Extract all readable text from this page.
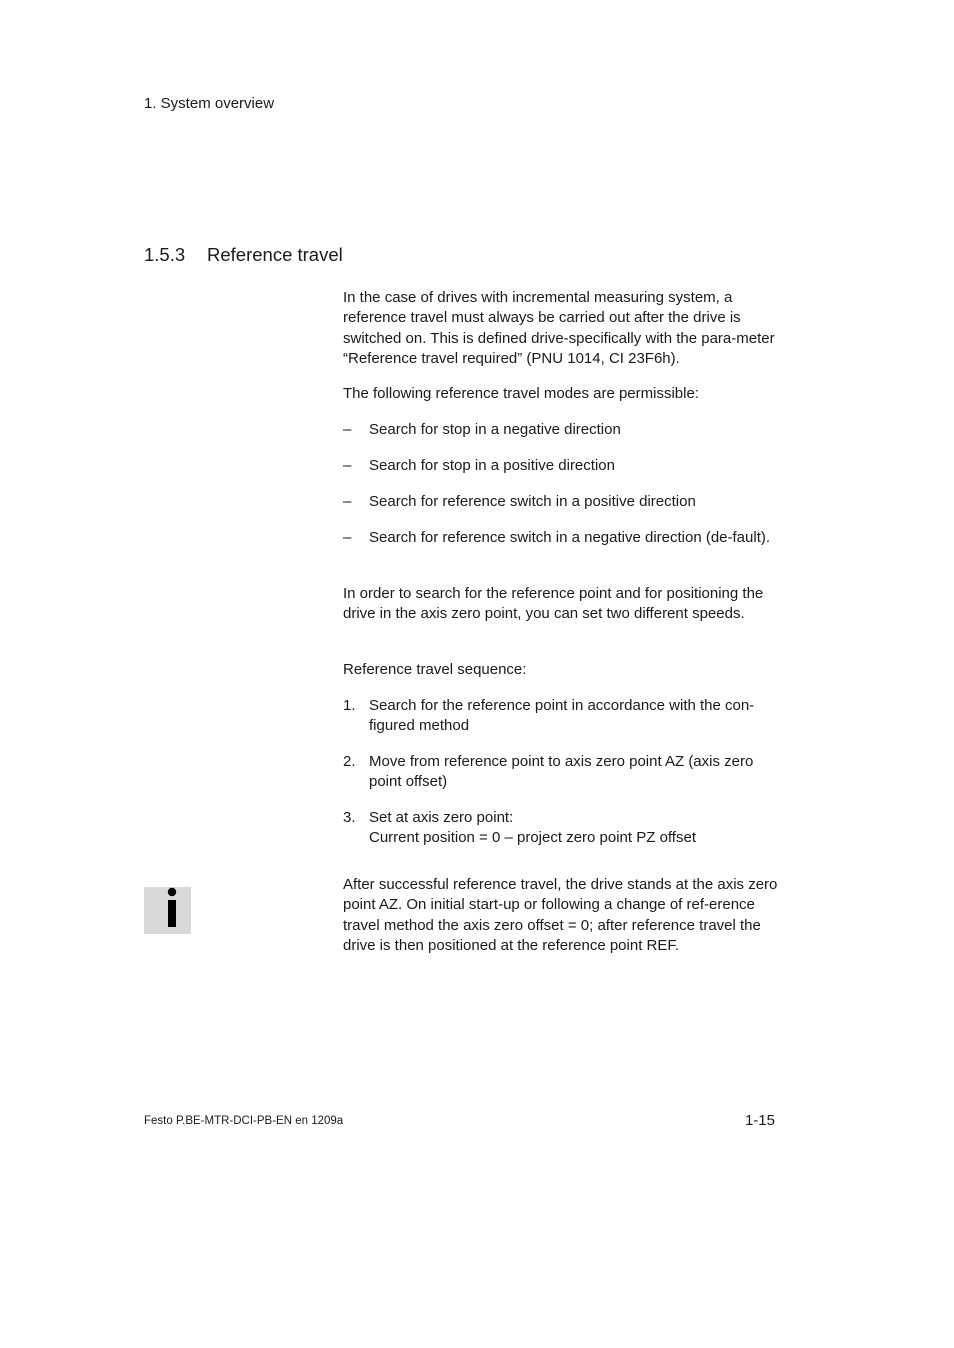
1. System overview
1.5.3 Reference travel
In the case of drives with incremental measuring system, a reference travel must always be carried out after the drive is switched on. This is defined drive-specifically with the para-meter “Reference travel required” (PNU 1014, CI 23F6h).
The following reference travel modes are permissible:
– Search for stop in a negative direction
– Search for stop in a positive direction
– Search for reference switch in a positive direction
– Search for reference switch in a negative direction (de-fault).
In order to search for the reference point and for positioning the drive in the axis zero point, you can set two different speeds.
Reference travel sequence:
1. Search for the reference point in accordance with the con-figured method
2. Move from reference point to axis zero point AZ (axis zero point offset)
3. Set at axis zero point:
Current position = 0 – project zero point PZ offset
After successful reference travel, the drive stands at the axis zero point AZ. On initial start-up or following a change of ref-erence travel method the axis zero offset = 0; after reference travel the drive is then positioned at the reference point REF.
Festo P.BE-MTR-DCI-PB-EN en 1209a	1-15
